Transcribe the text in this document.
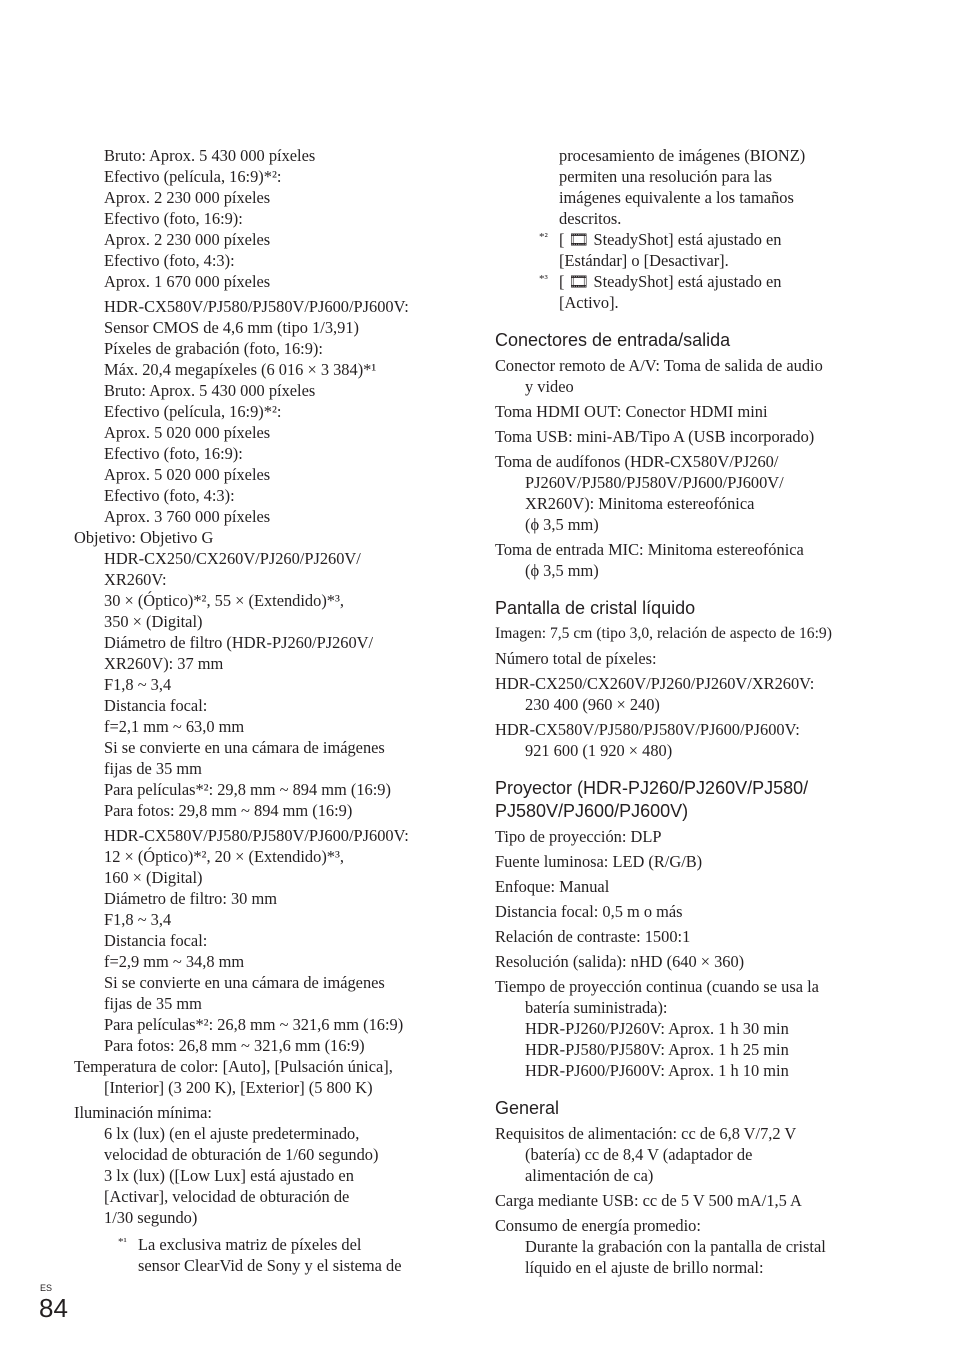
Bruto: Aprox. 5 430 000 píxeles
Efectivo (película, 16:9)*²:
Aprox. 2 230 000 píxeles
Efectivo (foto, 16:9):
Aprox. 2 230 000 píxeles
Efectivo (foto, 4:3):
Aprox. 1 670 000 píxeles
HDR-CX580V/PJ580/PJ580V/PJ600/PJ600V:
Sensor CMOS de 4,6 mm (tipo 1/3,91)
Píxeles de grabación (foto, 16:9):
Máx. 20,4 megapíxeles (6 016 × 3 384)*¹
Bruto: Aprox. 5 430 000 píxeles
Efectivo (película, 16:9)*²:
Aprox. 5 020 000 píxeles
Efectivo (foto, 16:9):
Aprox. 5 020 000 píxeles
Efectivo (foto, 4:3):
Aprox. 3 760 000 píxeles
Objetivo: Objetivo G
HDR-CX250/CX260V/PJ260/PJ260V/
XR260V:
30 × (Óptico)*², 55 × (Extendido)*³,
350 × (Digital)
Diámetro de filtro (HDR-PJ260/PJ260V/
XR260V): 37 mm
F1,8 ~ 3,4
Distancia focal:
f=2,1 mm ~ 63,0 mm
Si se convierte en una cámara de imágenes
fijas de 35 mm
Para películas*²: 29,8 mm ~ 894 mm (16:9)
Para fotos: 29,8 mm ~ 894 mm (16:9)
HDR-CX580V/PJ580/PJ580V/PJ600/PJ600V:
12 × (Óptico)*², 20 × (Extendido)*³,
160 × (Digital)
Diámetro de filtro: 30 mm
F1,8 ~ 3,4
Distancia focal:
f=2,9 mm ~ 34,8 mm
Si se convierte en una cámara de imágenes
fijas de 35 mm
Para películas*²: 26,8 mm ~ 321,6 mm (16:9)
Para fotos: 26,8 mm ~ 321,6 mm (16:9)
Temperatura de color: [Auto], [Pulsación única],
[Interior] (3 200 K), [Exterior] (5 800 K)
Iluminación mínima:
6 lx (lux) (en el ajuste predeterminado,
velocidad de obturación de 1/60 segundo)
3 lx (lux) ([Low Lux] está ajustado en
[Activar], velocidad de obturación de
1/30 segundo)
*¹ La exclusiva matriz de píxeles del
sensor ClearVid de Sony y el sistema de
procesamiento de imágenes (BIONZ)
permiten una resolución para las
imágenes equivalente a los tamaños
descritos.
*² [ 🎞 SteadyShot] está ajustado en
[Estándar] o [Desactivar].
*³ [ 🎞 SteadyShot] está ajustado en
[Activo].
Conectores de entrada/salida
Conector remoto de A/V: Toma de salida de audio
y video
Toma HDMI OUT: Conector HDMI mini
Toma USB: mini-AB/Tipo A (USB incorporado)
Toma de audífonos (HDR-CX580V/PJ260/
PJ260V/PJ580/PJ580V/PJ600/PJ600V/
XR260V): Minitoma estereofónica
(ϕ 3,5 mm)
Toma de entrada MIC: Minitoma estereofónica
(ϕ 3,5 mm)
Pantalla de cristal líquido
Imagen: 7,5 cm (tipo 3,0, relación de aspecto de 16:9)
Número total de píxeles:
HDR-CX250/CX260V/PJ260/PJ260V/XR260V:
230 400 (960 × 240)
HDR-CX580V/PJ580/PJ580V/PJ600/PJ600V:
921 600 (1 920 × 480)
Proyector (HDR-PJ260/PJ260V/PJ580/
PJ580V/PJ600/PJ600V)
Tipo de proyección: DLP
Fuente luminosa: LED (R/G/B)
Enfoque: Manual
Distancia focal: 0,5 m o más
Relación de contraste: 1500:1
Resolución (salida): nHD (640 × 360)
Tiempo de proyección continua (cuando se usa la
batería suministrada):
HDR-PJ260/PJ260V: Aprox. 1 h 30 min
HDR-PJ580/PJ580V: Aprox. 1 h 25 min
HDR-PJ600/PJ600V: Aprox. 1 h 10 min
General
Requisitos de alimentación: cc de 6,8 V/7,2 V
(batería) cc de 8,4 V (adaptador de
alimentación de ca)
Carga mediante USB: cc de 5 V 500 mA/1,5 A
Consumo de energía promedio:
Durante la grabación con la pantalla de cristal
líquido en el ajuste de brillo normal:
ES
84
